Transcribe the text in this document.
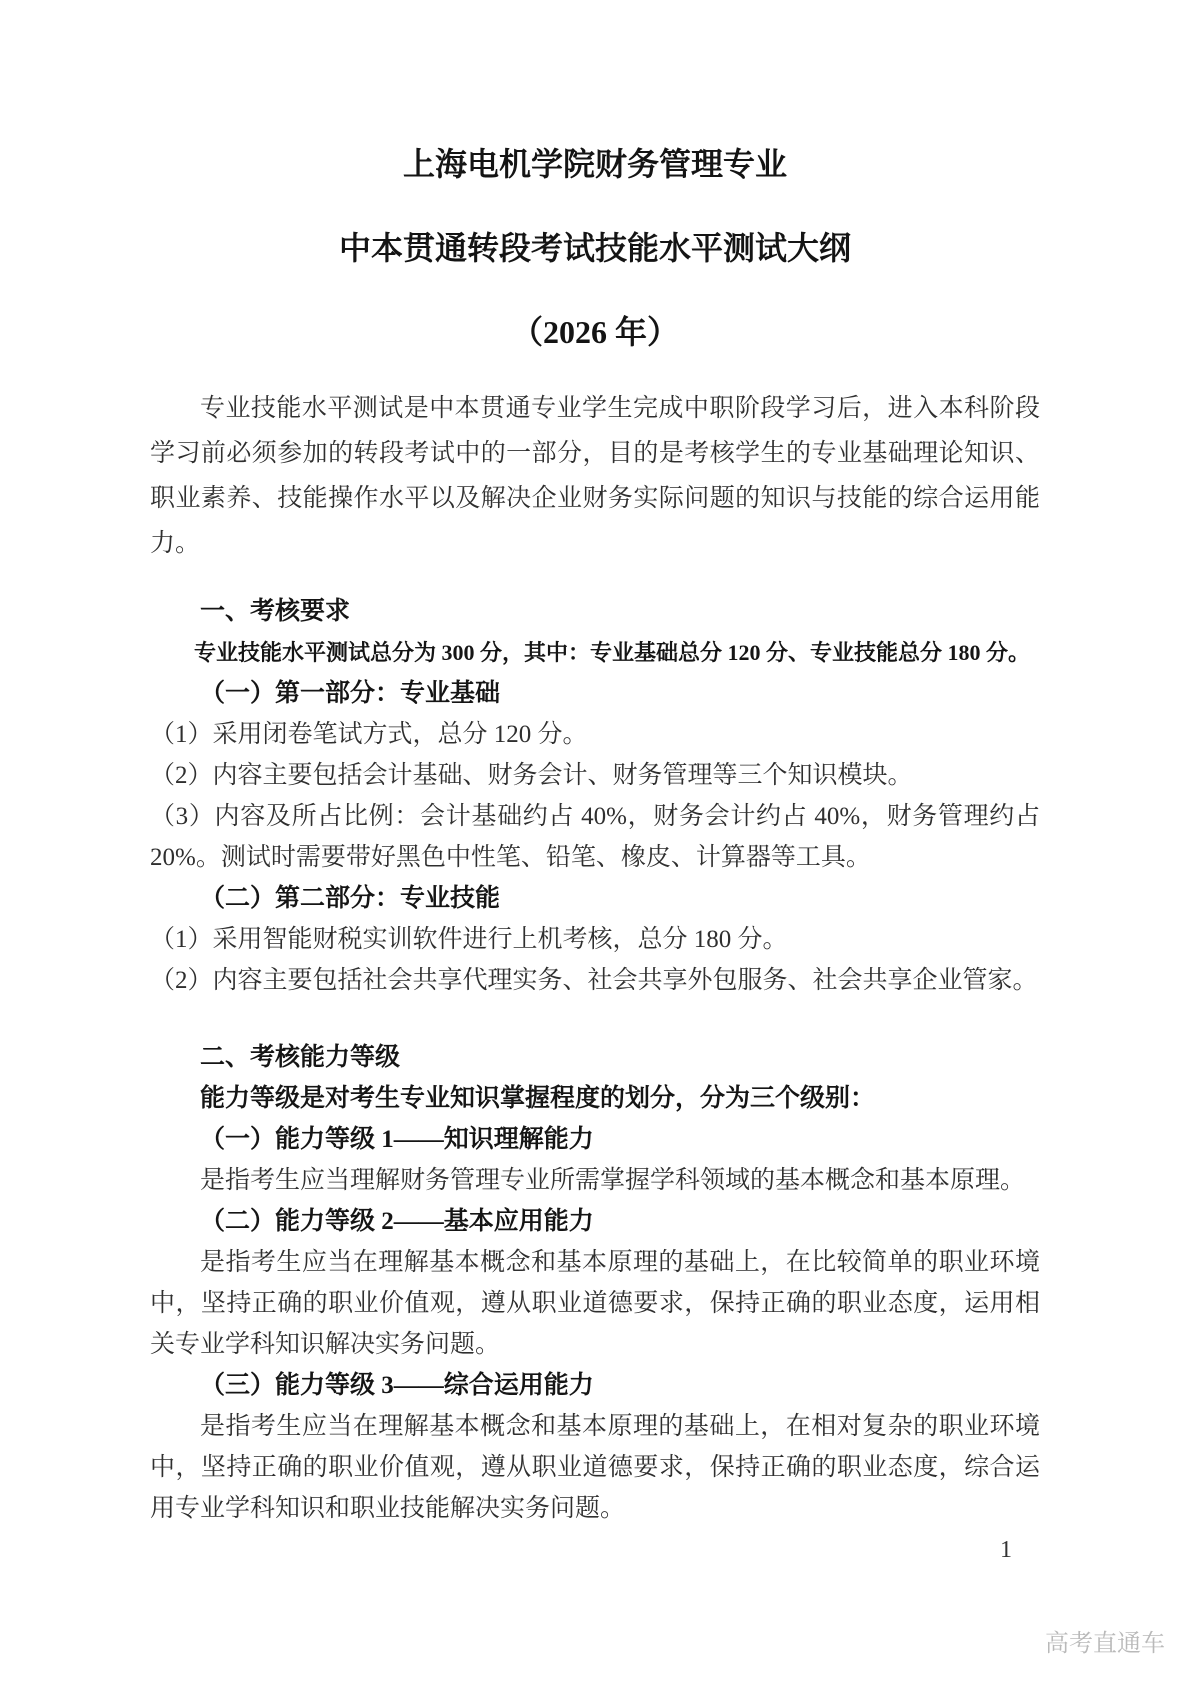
上海电机学院财务管理专业
中本贯通转段考试技能水平测试大纲
（2026 年）

专业技能水平测试是中本贯通专业学生完成中职阶段学习后，进入本科阶段学习前必须参加的转段考试中的一部分，目的是考核学生的专业基础理论知识、职业素养、技能操作水平以及解决企业财务实际问题的知识与技能的综合运用能力。

一、考核要求
专业技能水平测试总分为 300 分，其中：专业基础总分 120 分、专业技能总分 180 分。
（一）第一部分：专业基础
（1）采用闭卷笔试方式，总分 120 分。
（2）内容主要包括会计基础、财务会计、财务管理等三个知识模块。
（3）内容及所占比例：会计基础约占 40%，财务会计约占 40%，财务管理约占 20%。测试时需要带好黑色中性笔、铅笔、橡皮、计算器等工具。
（二）第二部分：专业技能
（1）采用智能财税实训软件进行上机考核，总分 180 分。
（2）内容主要包括社会共享代理实务、社会共享外包服务、社会共享企业管家。
二、考核能力等级
能力等级是对考生专业知识掌握程度的划分，分为三个级别：
（一）能力等级 1——知识理解能力
是指考生应当理解财务管理专业所需掌握学科领域的基本概念和基本原理。
（二）能力等级 2——基本应用能力
是指考生应当在理解基本概念和基本原理的基础上，在比较简单的职业环境中，坚持正确的职业价值观，遵从职业道德要求，保持正确的职业态度，运用相关专业学科知识解决实务问题。
（三）能力等级 3——综合运用能力
是指考生应当在理解基本概念和基本原理的基础上，在相对复杂的职业环境中，坚持正确的职业价值观，遵从职业道德要求，保持正确的职业态度，综合运用专业学科知识和职业技能解决实务问题。
1
高考直通车
